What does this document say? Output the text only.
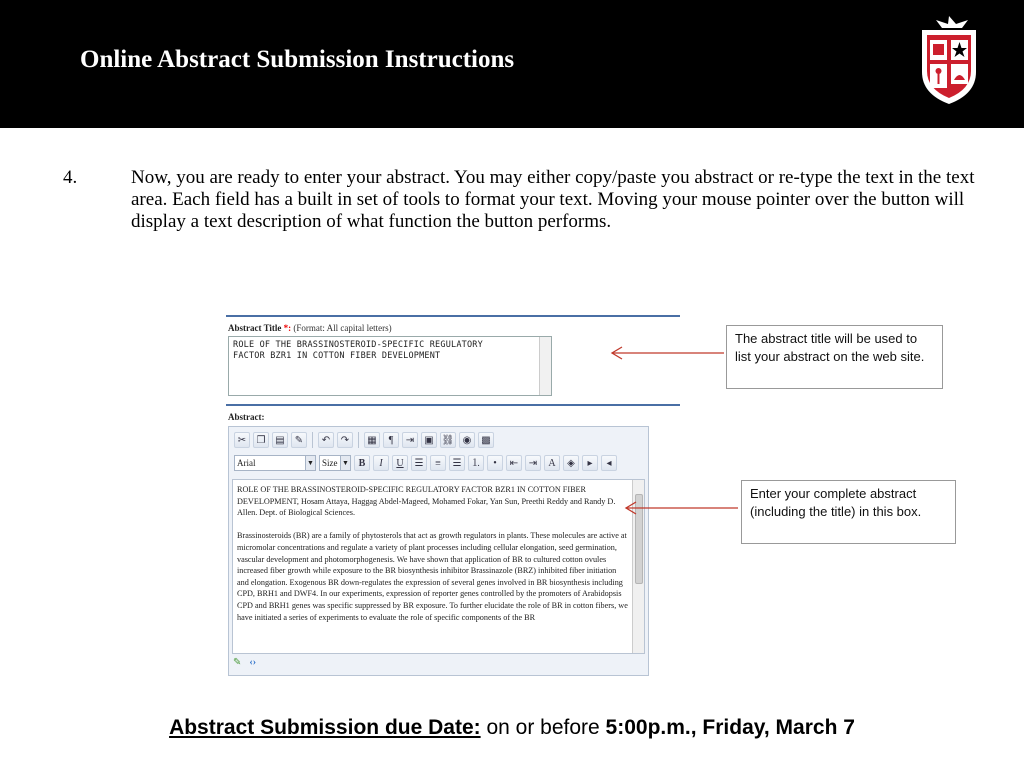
Online Abstract Submission Instructions
4.	Now, you are ready to enter your abstract. You may either copy/paste you abstract or re-type the text in the text area. Each field has a built in set of tools to format your text. Moving your mouse pointer over the button will display a text description of what function the button performs.
Abstract Title *: (Format: All capital letters)
ROLE OF THE BRASSINOSTEROID-SPECIFIC REGULATORY
FACTOR BZR1 IN COTTON FIBER DEVELOPMENT
Abstract:
✂	❐ ▤	✎	↶	↷	▦	¶	⇥	▣ ⛓ ◉ ▩
Arial	▼ Size ▼ B	I	U	☰	≡	☰ ⒈	•	⇤	⇥	A	◈	▸	◂

ROLE OF THE BRASSINOSTEROID-SPECIFIC REGULATORY FACTOR BZR1 IN COTTON FIBER DEVELOPMENT, Hosam Attaya, Haggag Abdel-Mageed, Mohamed Fokar, Yan Sun, Preethi Reddy and Randy D. Allen. Dept. of Biological Sciences.

Brassinosteroids (BR) are a family of phytosterols that act as growth regulators in plants. These molecules are active at micromolar concentrations and regulate a variety of plant processes including cellular elongation, seed germination, vascular development and photomorphogenesis. We have shown that application of BR to cultured cotton ovules increased fiber growth while exposure to the BR biosynthesis inhibitor Brassinazole (BRZ) inhibited fiber initiation and elongation. Exogenous BR down-regulates the expression of several genes involved in BR biosynthesis including CPD, BRH1 and DWF4. In our experiments, expression of reporter genes controlled by the promoters of Arabidopsis CPD and BRH1 genes was specific suppressed by BR exposure. To further elucidate the role of BR in cotton fibers, we have initiated a series of experiments to evaluate the role of specific components of the BR

✎ ‹›
The abstract title will be used to list your abstract on the web site.
Enter your complete abstract (including the title) in this box.
Abstract Submission due Date: on or before 5:00p.m., Friday, March 7
